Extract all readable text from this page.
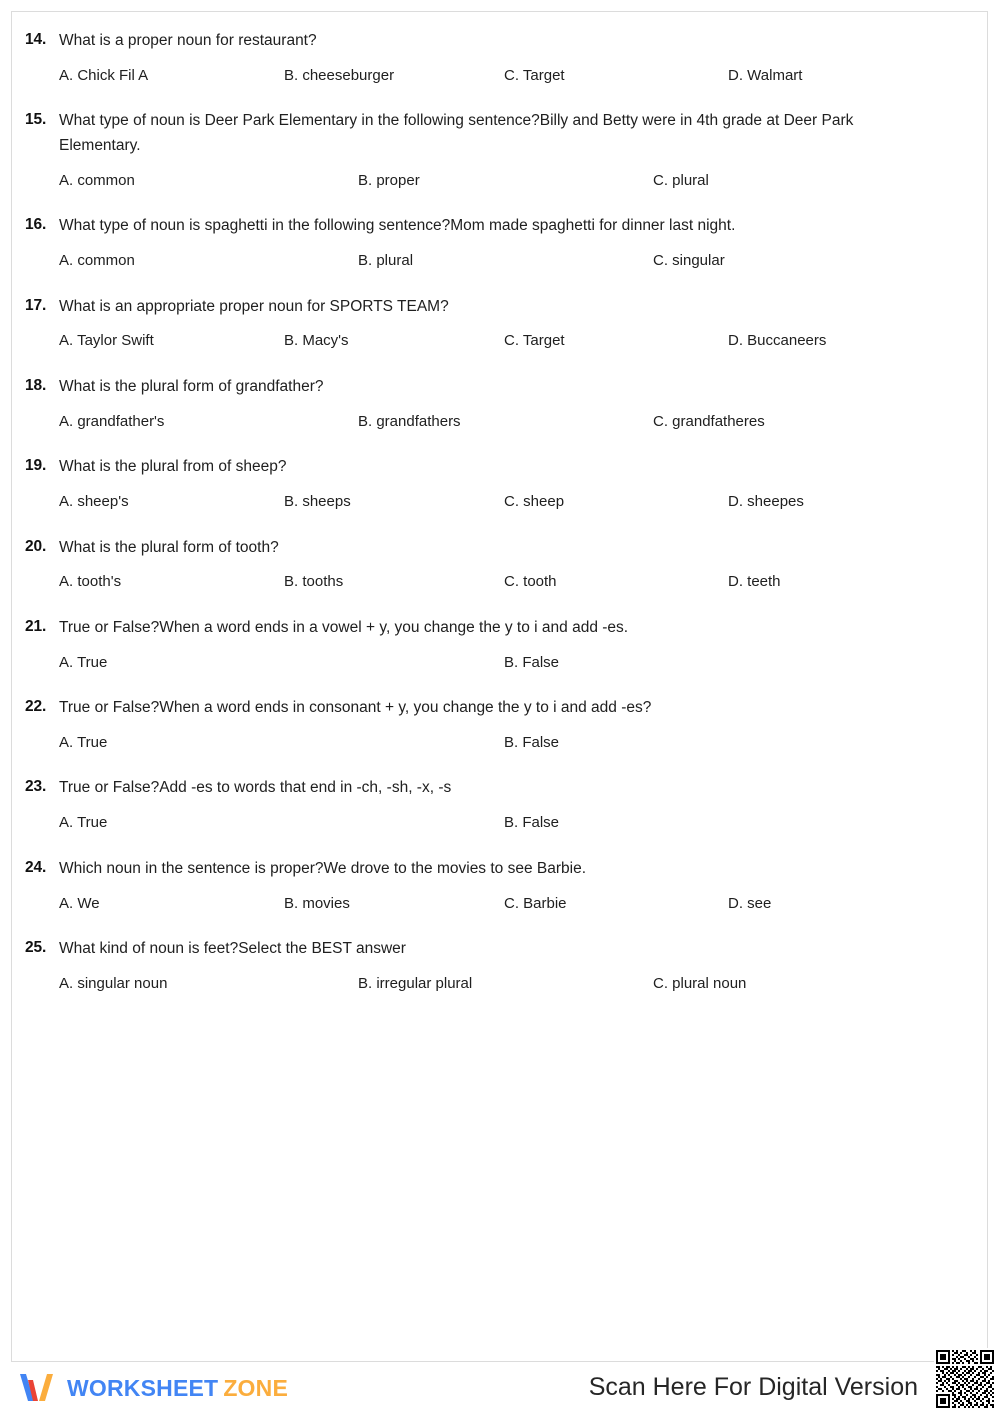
14. What is a proper noun for restaurant?
A. Chick Fil A	B. cheeseburger	C. Target	D. Walmart
15. What type of noun is Deer Park Elementary in the following sentence?Billy and Betty were in 4th grade at Deer Park Elementary.
A. common	B. proper	C. plural
16. What type of noun is spaghetti in the following sentence?Mom made spaghetti for dinner last night.
A. common	B. plural	C. singular
17. What is an appropriate proper noun for SPORTS TEAM?
A. Taylor Swift	B. Macy's	C. Target	D. Buccaneers
18. What is the plural form of grandfather?
A. grandfather's	B. grandfathers	C. grandfatheres
19. What is the plural from of sheep?
A. sheep's	B. sheeps	C. sheep	D. sheepes
20. What is the plural form of tooth?
A. tooth's	B. tooths	C. tooth	D. teeth
21. True or False?When a word ends in a vowel + y, you change the y to i and add -es.
A. True	B. False
22. True or False?When a word ends in consonant + y, you change the y to i and add -es?
A. True	B. False
23. True or False?Add -es to words that end in -ch, -sh, -x, -s
A. True	B. False
24. Which noun in the sentence is proper?We drove to the movies to see Barbie.
A. We	B. movies	C. Barbie	D. see
25. What kind of noun is feet?Select the BEST answer
A. singular noun	B. irregular plural	C. plural noun
WORKSHEET ZONE	Scan Here For Digital Version
